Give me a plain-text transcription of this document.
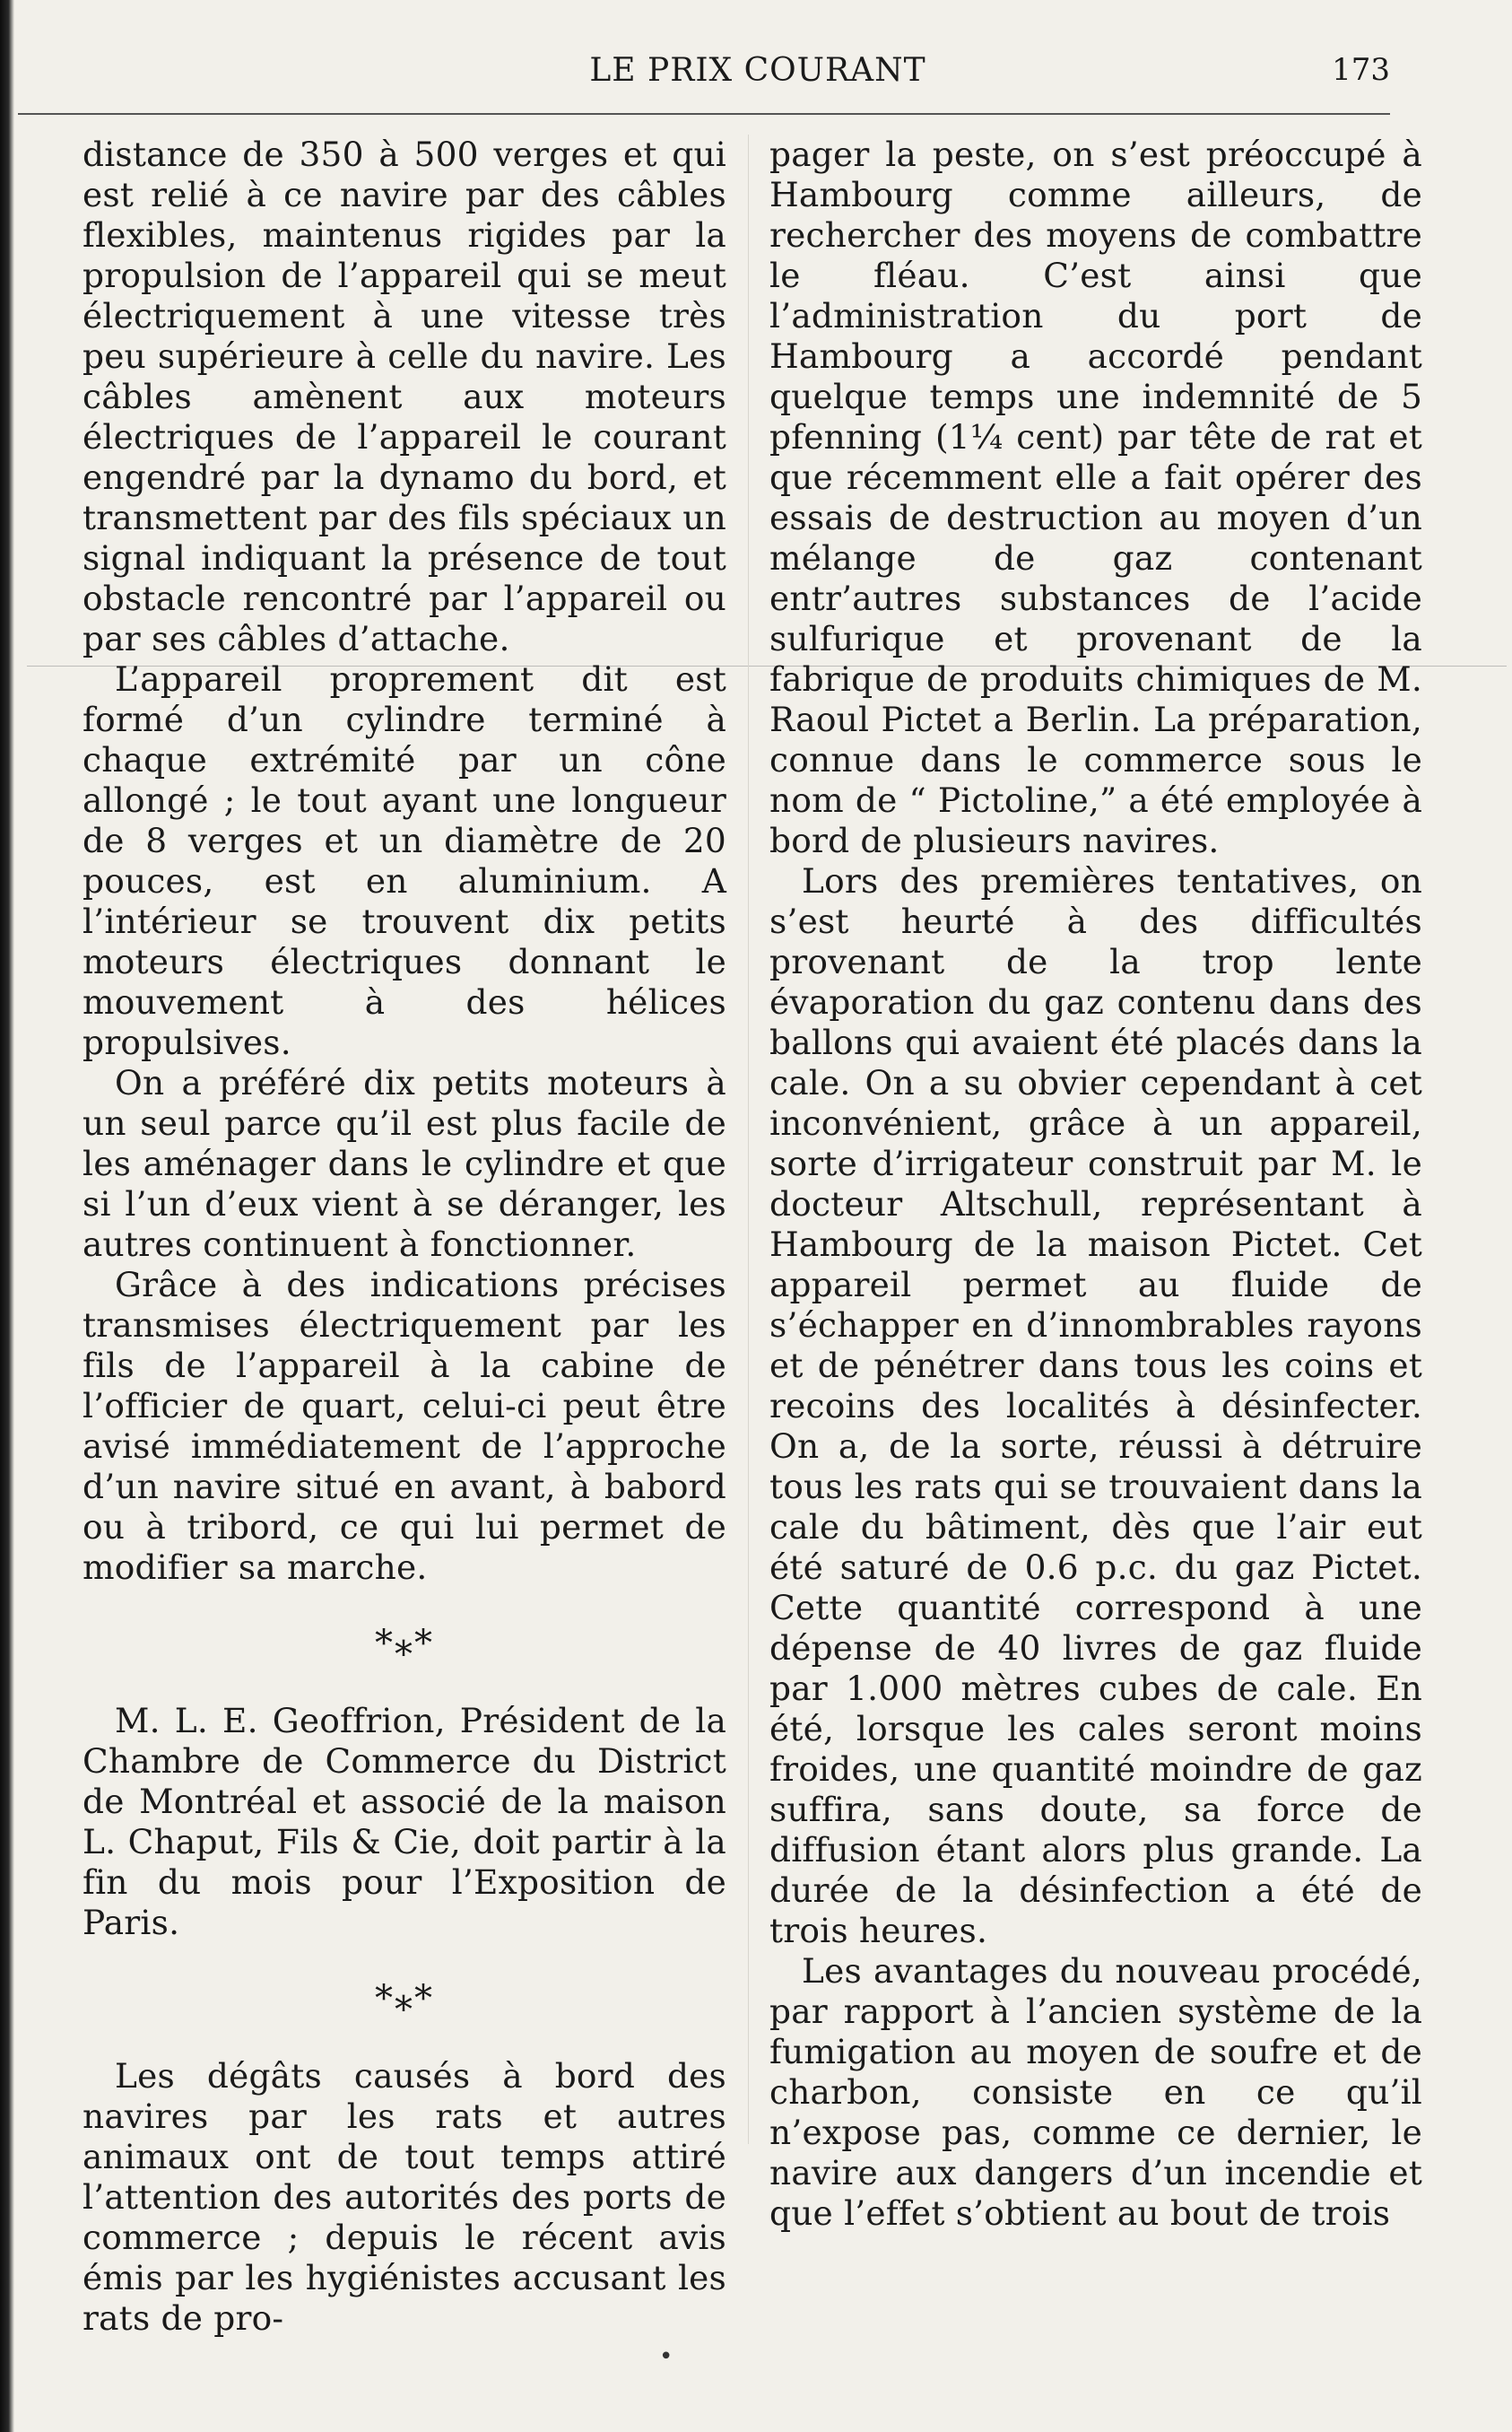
LE PRIX COURANT	173

distance de 350 à 500 verges et qui est relié à ce navire par des câbles flexibles, maintenus rigides par la propulsion de l’appareil qui se meut électriquement à une vitesse très peu supérieure à celle du navire. Les câbles amènent aux moteurs électriques de l’appareil le courant engendré par la dynamo du bord, et transmettent par des fils spéciaux un signal indiquant la présence de tout obstacle rencontré par l’appareil ou par ses câbles d’attache.

L’appareil proprement dit est formé d’un cylindre terminé à chaque extrémité par un cône allongé ; le tout ayant une longueur de 8 verges et un diamètre de 20 pouces, est en aluminium. A l’intérieur se trouvent dix petits moteurs électriques donnant le mouvement à des hélices propulsives.

On a préféré dix petits moteurs à un seul parce qu’il est plus facile de les aménager dans le cylindre et que si l’un d’eux vient à se déranger, les autres continuent à fonctionner.

Grâce à des indications précises transmises électriquement par les fils de l’appareil à la cabine de l’officier de quart, celui-ci peut être avisé immédiatement de l’approche d’un navire situé en avant, à babord ou à tribord, ce qui lui permet de modifier sa marche.

*⁎*

M. L. E. Geoffrion, Président de la Chambre de Commerce du District de Montréal et associé de la maison L. Chaput, Fils & Cie, doit partir à la fin du mois pour l’Exposition de Paris.

*⁎*

Les dégâts causés à bord des navires par les rats et autres animaux ont de tout temps attiré l’attention des autorités des ports de commerce ; depuis le récent avis émis par les hygiénistes accusant les rats de pro-

pager la peste, on s’est préoccupé à Hambourg comme ailleurs, de rechercher des moyens de combattre le fléau. C’est ainsi que l’administration du port de Hambourg a accordé pendant quelque temps une indemnité de 5 pfenning (1¼ cent) par tête de rat et que récemment elle a fait opérer des essais de destruction au moyen d’un mélange de gaz contenant entr’autres substances de l’acide sulfurique et provenant de la fabrique de produits chimiques de M. Raoul Pictet a Berlin. La préparation, connue dans le commerce sous le nom de “ Pictoline,” a été employée à bord de plusieurs navires.

Lors des premières tentatives, on s’est heurté à des difficultés provenant de la trop lente évaporation du gaz contenu dans des ballons qui avaient été placés dans la cale. On a su obvier cependant à cet inconvénient, grâce à un appareil, sorte d’irrigateur construit par M. le docteur Altschull, représentant à Hambourg de la maison Pictet. Cet appareil permet au fluide de s’échapper en d’innombrables rayons et de pénétrer dans tous les coins et recoins des localités à désinfecter. On a, de la sorte, réussi à détruire tous les rats qui se trouvaient dans la cale du bâtiment, dès que l’air eut été saturé de 0.6 p.c. du gaz Pictet. Cette quantité correspond à une dépense de 40 livres de gaz fluide par 1.000 mètres cubes de cale. En été, lorsque les cales seront moins froides, une quantité moindre de gaz suffira, sans doute, sa force de diffusion étant alors plus grande. La durée de la désinfection a été de trois heures.

Les avantages du nouveau procédé, par rapport à l’ancien système de la fumigation au moyen de soufre et de charbon, consiste en ce qu’il n’expose pas, comme ce dernier, le navire aux dangers d’un incendie et que l’effet s’obtient au bout de trois

•
